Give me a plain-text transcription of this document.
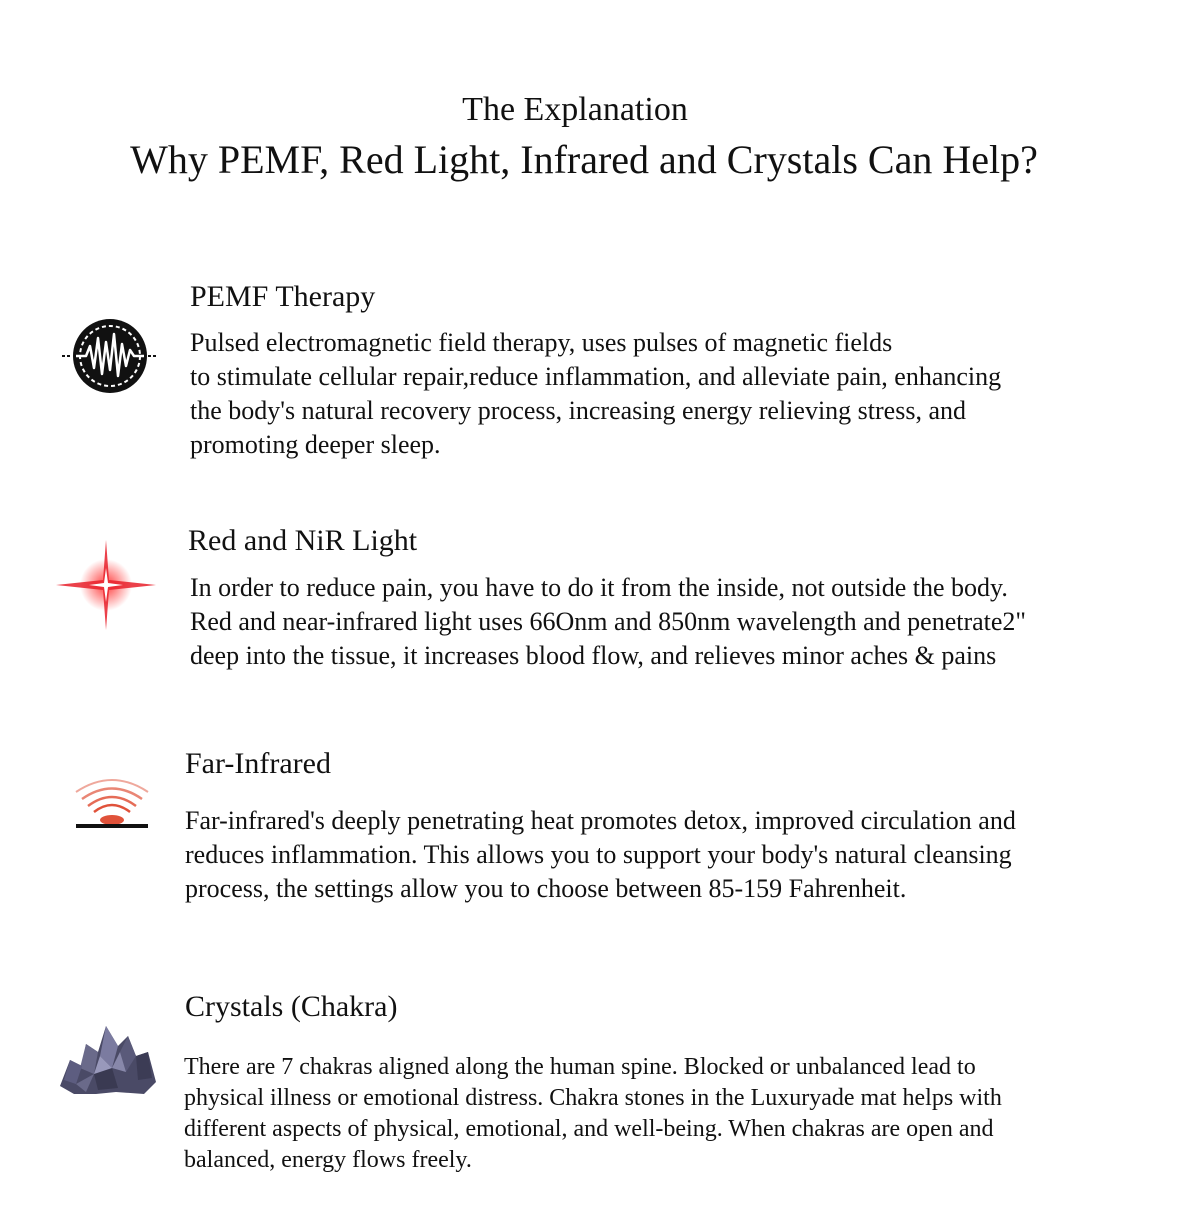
The Explanation
Why PEMF, Red Light, Infrared and Crystals Can Help?
PEMF Therapy
Pulsed electromagnetic field therapy, uses pulses of magnetic fields
to stimulate cellular repair,reduce inflammation, and alleviate pain, enhancing
the body's natural recovery process, increasing energy relieving stress, and
promoting deeper sleep.
Red and NiR Light
In order to reduce pain, you have to do it from the inside, not outside the body.
Red and near-infrared light uses 66Onm and 850nm wavelength and penetrate2"
deep into the tissue, it increases blood flow, and relieves minor aches & pains
Far-Infrared
Far-infrared's deeply penetrating heat promotes detox, improved circulation and
reduces inflammation. This allows you to support your body's natural cleansing
process, the settings allow you to choose between 85-159 Fahrenheit.
Crystals (Chakra)
There are 7 chakras aligned along the human spine. Blocked or unbalanced lead to
physical illness or emotional distress. Chakra stones in the Luxuryade mat helps with
different aspects of physical, emotional, and well-being. When chakras are open and
balanced, energy flows freely.
